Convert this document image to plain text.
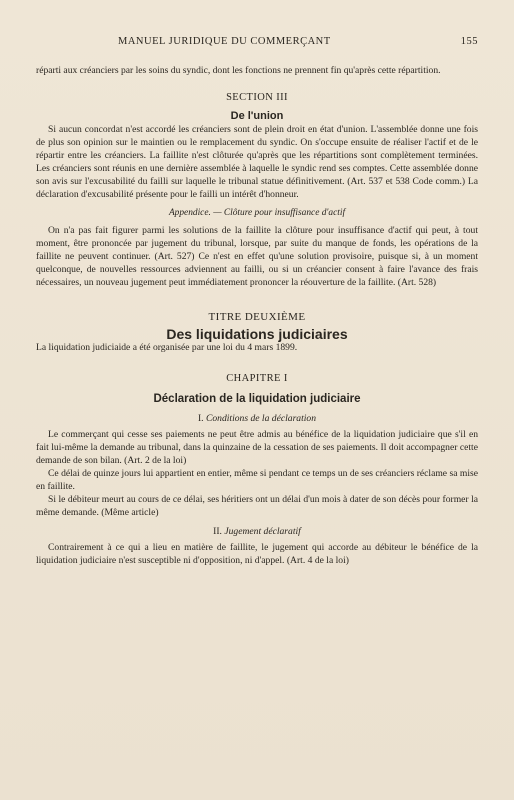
MANUEL JURIDIQUE DU COMMERÇANT	155

réparti aux créanciers par les soins du syndic, dont les fonctions ne prennent fin qu'après cette répartition.

SECTION III
De l'union

Si aucun concordat n'est accordé les créanciers sont de plein droit en état d'union. L'assemblée donne une fois de plus son opinion sur le maintien ou le remplacement du syndic. On s'occupe ensuite de réaliser l'actif et de le répartir entre les créanciers. La faillite n'est clôturée qu'après que les répartitions sont complètement terminées. Les créanciers sont réunis en une dernière assemblée à laquelle le syndic rend ses comptes. Cette assemblée donne son avis sur l'excusabilité du failli sur laquelle le tribunal statue définitivement. (Art. 537 et 538 Code comm.) La déclaration d'excusabilité présente pour le failli un intérêt d'honneur.

Appendice. — Clôture pour insuffisance d'actif

On n'a pas fait figurer parmi les solutions de la faillite la clôture pour insuffisance d'actif qui peut, à tout moment, être prononcée par jugement du tribunal, lorsque, par suite du manque de fonds, les opérations de la faillite ne peuvent continuer. (Art. 527) Ce n'est en effet qu'une solution provisoire, puisque si, à un moment quelconque, de nouvelles ressources adviennent au failli, ou si un créancier consent à faire l'avance des frais nécessaires, un nouveau jugement peut immédiatement prononcer la réouverture de la faillite. (Art. 528)

TITRE DEUXIÈME
Des liquidations judiciaires

La liquidation judiciaide a été organisée par une loi du 4 mars 1899.

CHAPITRE I
Déclaration de la liquidation judiciaire
I. Conditions de la déclaration

Le commerçant qui cesse ses paiements ne peut être admis au bénéfice de la liquidation judiciaire que s'il en fait lui-même la demande au tribunal, dans la quinzaine de la cessation de ses paiements. Il doit accompagner cette demande de son bilan. (Art. 2 de la loi)

Ce délai de quinze jours lui appartient en entier, même si pendant ce temps un de ses créanciers réclame sa mise en faillite.

Si le débiteur meurt au cours de ce délai, ses héritiers ont un délai d'un mois à dater de son décès pour former la même demande. (Même article)

II. Jugement déclaratif

Contrairement à ce qui a lieu en matière de faillite, le jugement qui accorde au débiteur le bénéfice de la liquidation judiciaire n'est susceptible ni d'opposition, ni d'appel. (Art. 4 de la loi)
